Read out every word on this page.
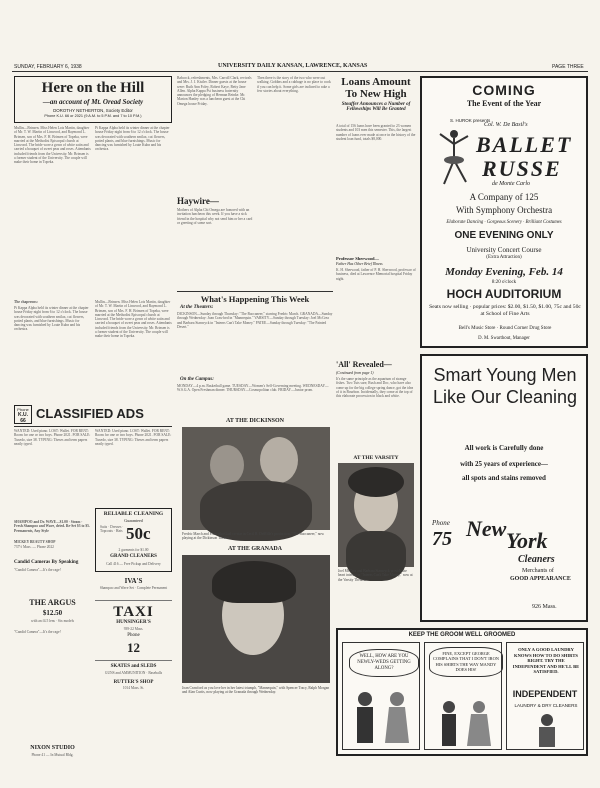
SUNDAY, FEBRUARY 6, 1938	UNIVERSITY DAILY KANSAN, LAWRENCE, KANSAS	PAGE THREE
Here on the Hill
—an account of Mt. Oread Society
DOROTHY NETHERTON, Society Editor
Phone K.U. 66 or 2021 (9 A.M. to 5 P.M. and 7 to 10 P.M.)
Mullin—Brinsen. Miss Helen Lois Martin, daughter of Mr. T. W. Martin of Linwood, and Raymond L. Brinsen, son of Mrs. F. H. Brinsen of Topeka, were married at the Methodist Episcopal church at Linwood. The bride wore a gown of white satin and carried a bouquet of sweet peas and roses. Attendants included friends from the University. Mr. Brinsen is a former student of the University. The couple will make their home in Topeka.
Pi Kappa Alpha held its winter dinner at the chapter house Friday night from 6 to 12 o'clock. The house was decorated with southern smilax, cut flowers, potted plants, and blue furnishings. Music for dancing was furnished by Louie Kuhn and his orchestra.
The chaperons:
Pi Kappa Alpha held its winter dinner at the chapter house Friday night from 6 to 12 o'clock. The house was decorated with southern smilax, cut flowers, potted plants, and blue furnishings. Music for dancing was furnished by Louie Kuhn and his orchestra.
Mullin—Brinsen. Miss Helen Lois Martin, daughter of Mr. T. W. Martin of Linwood, and Raymond L. Brinsen, son of Mrs. F. H. Brinsen of Topeka, were married at the Methodist Episcopal church at Linwood. The bride wore a gown of white satin and carried a bouquet of sweet peas and roses. Attendants included friends from the University. Mr. Brinsen is a former student of the University. The couple will make their home in Topeka.
Phone
K.U. 66 CLASSIFIED ADS
WANTED: Used piano. LOST: Wallet. FOR RENT: Room for one or two boys. Phone 2021. FOR SALE: Tuxedo, size 38. TYPING: Theses and term papers neatly typed.
SHAMPOO and Dr. WAVE—$1.00 · Steam · Fresh Shampoo and Wave, dried. Re-Set $3 to $5. Permanents, Any Style
MICKEY BEAUTY SHOP
737½ Mass. — Phone 2022
Candid Cameras By Speaking
"Candid Camera"—It's the rage!
THE ARGUS
$12.50
with an f4.5 lens · Six models
"Candid Camera"—It's the rage!
NIXON STUDIO
Phone 41 — In Mutual Bldg.
WANTED: Used piano. LOST: Wallet. FOR RENT: Room for one or two boys. Phone 2021. FOR SALE: Tuxedo, size 38. TYPING: Theses and term papers neatly typed.
RELIABLE CLEANING
Guaranteed
Suits · Dresses · Topcoats · Hats 50c
2 garments for $1.00
GRAND CLEANERS
Call 416 — Free Pickup and Delivery
IVA'S
Shampoo and Wave Set · Complete Permanent
TAXI
HUNSINGER'S
939-22 Mass.
Phone
12
SKATES and SLEDS
GUNS and AMMUNITION · Baseballs
RUTTER'S SHOP
1014 Mass. St.
Babcock, refreshments, Mrs. Carroll Clark, revivals and Mrs. J. J. Kistler. Dinner guests at the house were: Ruth Ann Foley, Robert Kaye, Betty Jane Allen. Alpha Kappa Psi business fraternity announces the pledging of Herman Reinke. Mr. Marion Hanley was a luncheon guest at the Chi Omega house Friday.
Haywire—
Mothers of Alpha Chi Omega are honored with an invitation luncheon this week. If you have a sick friend in the hospital why not send him or her a card or greeting of some sort.
Then there is the story of the two who were out walking. Goblins and a cabbage is no place to cook if you can help it. Some girls are inclined to rake a few stories about everything.
Loans Amount To New High
Stouffer Announces a Number of Fellowships Will Be Granted
A total of 156 loans have been granted to 23 women students and 103 men this semester. This, the largest number of loans ever made at once in the history of the student loan fund, totals $8,000.
Professor Sherwood—
Father Has Other Brief Illness
K. H. Sherwood, father of P. H. Sherwood, professor of business, died at Lawrence Memorial hospital Friday night.
What's Happening This Week
At the Theaters:
DICKINSON—Sunday through Thursday: "The Buccaneer," starring Fredric March. GRANADA—Sunday through Wednesday: Joan Crawford in "Mannequin." VARSITY—Sunday through Tuesday: Joel McCrea and Barbara Stanwyck in "Interns Can't Take Money." PATEE—Sunday through Tuesday: "The Painted Desert."
On the Campus:
MONDAY—4 p.m. Basketball game. TUESDAY—Women's Self-Governing meeting. WEDNESDAY—W.S.G.A. Open Freshman dinner. THURSDAY—Cosmopolitan club. FRIDAY—Junior prom.
'All' Revealed—
(Continued from page 1)
It's the same principle as the aquarium of strange fishes. Two Tuts sure, Rush and Doc, who have also come up for the big college spring dance, got the idea of it in Bourbon. Incidentally, they come at the top of this elaborate procession in black and white.
AT THE DICKINSON
Fredric March and Franciska Gaal co-star in Cecil B. DeMille's production, "The Buccaneer," now playing at the Dickinson Theater.
AT THE GRANADA
Joan Crawford as you love her in her latest triumph, "Mannequin," with Spencer Tracy, Ralph Morgan and Alan Curtis, now playing at the Granada through Wednesday.
AT THE VARSITY
Joel McCrea and Barbara Stanwyck provide the heart interest in "Interns Can't Take Money," now at the Varsity Theater.
COMING
The Event of the Year
S. HUROK presents
Col. W. De Basil's
BALLET
RUSSE
de Monte Carlo
A Company of 125
With Symphony Orchestra
Elaborate Dancing · Gorgeous Scenery · Brilliant Costumes
ONE EVENING ONLY
University Concert Course
(Extra Attraction)
Monday Evening, Feb. 14
8:20 o'clock
HOCH AUDITORIUM
Seats now selling · popular prices: $2.00, $1.50, $1.00, 75c and 50c at School of Fine Arts
Bell's Music Store · Round Corner Drug Store
D. M. Swarthout, Manager
Smart Young Men Like Our Cleaning
All work is Carefully done
with 25 years of experience—
all spots and stains removed
Phone
75 New York
Cleaners
Merchants of
GOOD APPEARANCE
926 Mass.
KEEP THE GROOM WELL GROOMED
WELL, HOW ARE YOU NEWLY-WEDS GETTING ALONG?
FINE, EXCEPT GEORGE COMPLAINS THAT I DON'T IRON HIS SHIRTS THE WAY MANDY DOES HIS!
ONLY A GOOD LAUNDRY KNOWS HOW TO DO SHIRTS RIGHT. TRY THE INDEPENDENT AND HE'LL BE SATISFIED.
INDEPENDENT
LAUNDRY & DRY CLEANERS
